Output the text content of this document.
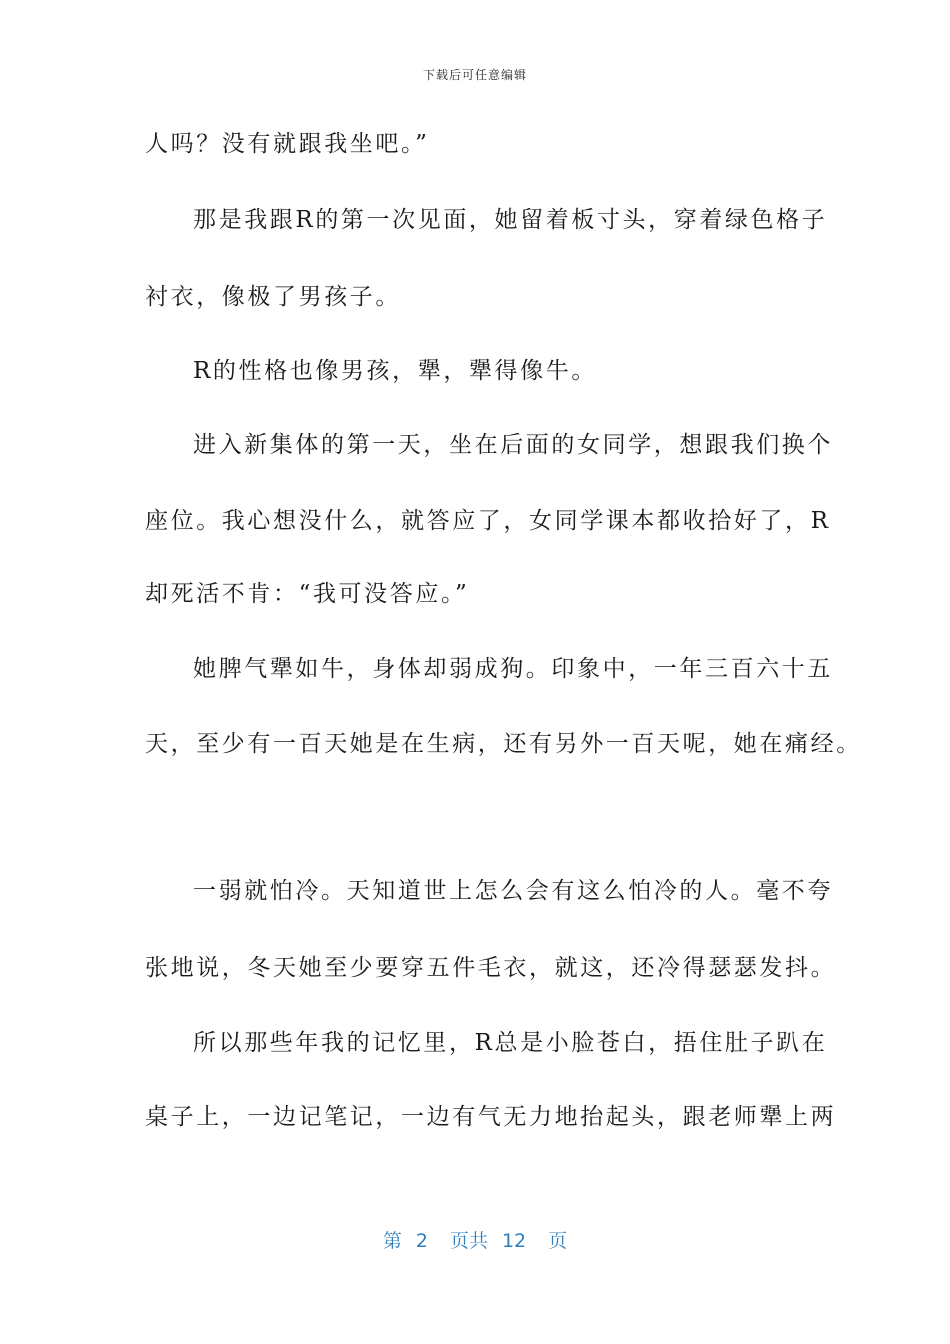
下载后可任意编辑
人吗？没有就跟我坐吧。”
那是我跟R的第一次见面，她留着板寸头，穿着绿色格子
衬衣，像极了男孩子。
R的性格也像男孩，犟，犟得像牛。
进入新集体的第一天，坐在后面的女同学，想跟我们换个
座位。我心想没什么，就答应了，女同学课本都收拾好了，R
却死活不肯：“我可没答应。”
她脾气犟如牛，身体却弱成狗。印象中，一年三百六十五
天，至少有一百天她是在生病，还有另外一百天呢，她在痛经。
一弱就怕冷。天知道世上怎么会有这么怕冷的人。毫不夸
张地说，冬天她至少要穿五件毛衣，就这，还冷得瑟瑟发抖。
所以那些年我的记忆里，R总是小脸苍白，捂住肚子趴在
桌子上，一边记笔记，一边有气无力地抬起头，跟老师犟上两
第 2 页共 12 页
